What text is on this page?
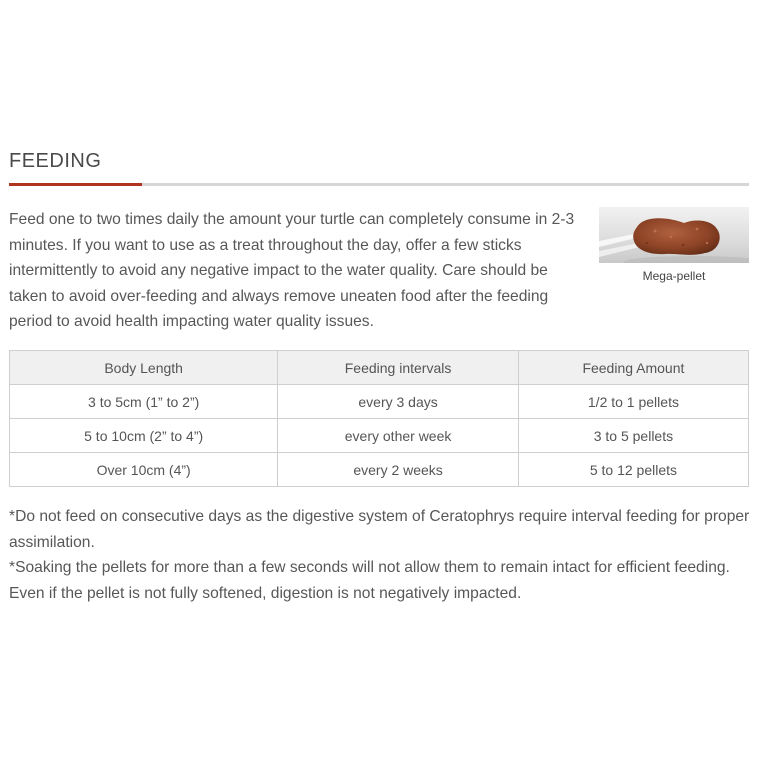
FEEDING
Mega-pellet
Feed one to two times daily the amount your turtle can completely consume in 2-3 minutes. If you want to use as a treat throughout the day, offer a few sticks intermittently to avoid any negative impact to the water quality. Care should be taken to avoid over-feeding and always remove uneaten food after the feeding period to avoid health impacting water quality issues.
Body Length	Feeding intervals	Feeding Amount
3 to 5cm (1” to 2”)	every 3 days	1/2 to 1 pellets
5 to 10cm (2” to 4”)	every other week	3 to 5 pellets
Over 10cm (4”)	every 2 weeks	5 to 12 pellets

*Do not feed on consecutive days as the digestive system of Ceratophrys require interval feeding for proper assimilation.

*Soaking the pellets for more than a few seconds will not allow them to remain intact for efficient feeding. Even if the pellet is not fully softened, digestion is not negatively impacted.
